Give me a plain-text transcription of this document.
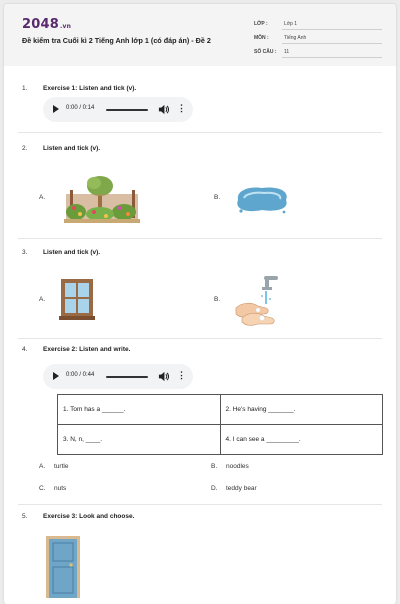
2048.vn
Đề kiểm tra Cuối kì 2 Tiếng Anh lớp 1 (có đáp án) - Đề 2
LỚP :	Lớp 1
MÔN :	Tiếng Anh
SỐ CÂU : 11
1. Exercise 1: Listen and tick (v).
0:00 / 0:14	⋮
2. Listen and tick (v).
A.	B.
3. Listen and tick (v).
A.	B.
4. Exercise 2: Listen and write.
0:00 / 0:44	⋮
1. Tom has a ______.	2. He's having _______.
3. N, n, ____.	4. I can see a _________.
A. turtle	B. noodles
C. nuts	D. teddy bear
5. Exercise 3: Look and choose.
